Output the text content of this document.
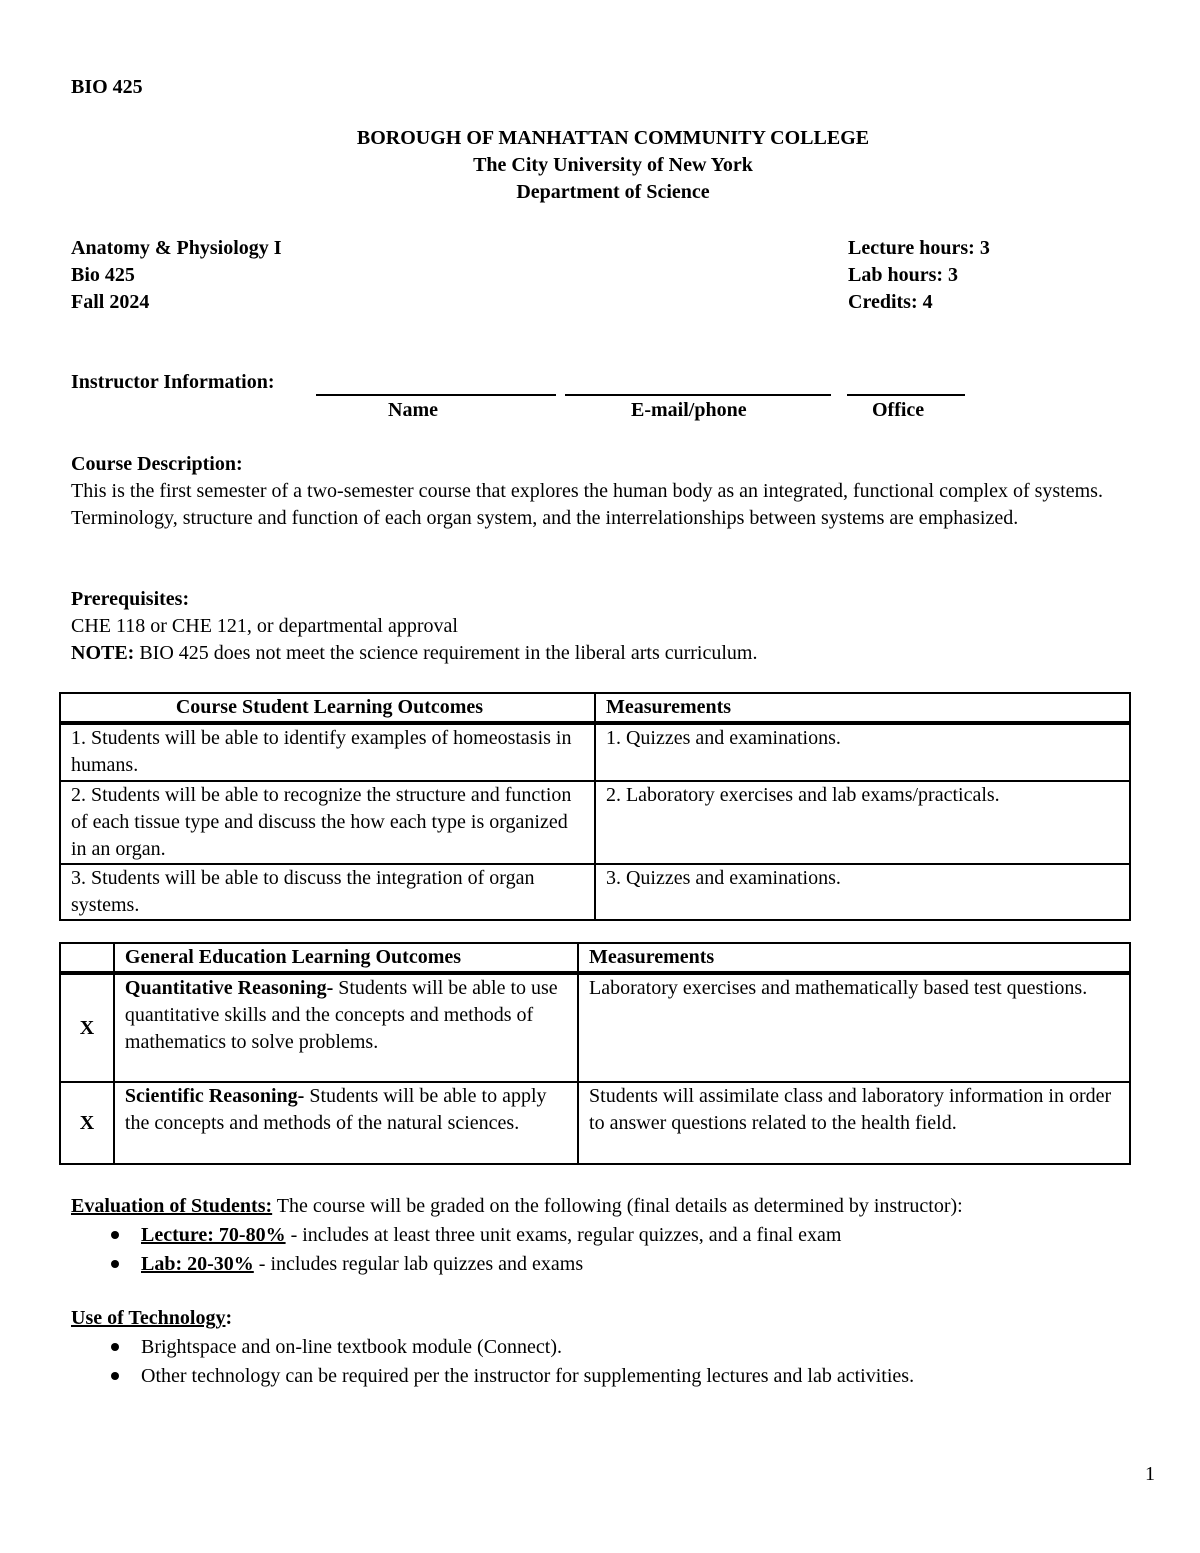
BIO 425
BOROUGH OF MANHATTAN COMMUNITY COLLEGE
The City University of New York
Department of Science
Anatomy & Physiology I
Bio 425
Fall 2024
Lecture hours: 3
Lab hours: 3
Credits: 4
Instructor Information:
Name	E-mail/phone	Office
Course Description:
This is the first semester of a two-semester course that explores the human body as an integrated, functional complex of systems. Terminology, structure and function of each organ system, and the interrelationships between systems are emphasized.
Prerequisites:
CHE 118 or CHE 121, or departmental approval
NOTE: BIO 425 does not meet the science requirement in the liberal arts curriculum.
Course Student Learning Outcomes	Measurements
1. Students will be able to identify examples of homeostasis in humans.	1. Quizzes and examinations.
2. Students will be able to recognize the structure and function of each tissue type and discuss the how each type is organized in an organ.	2. Laboratory exercises and lab exams/practicals.
3. Students will be able to discuss the integration of organ systems.	3. Quizzes and examinations.
	General Education Learning Outcomes	Measurements
X	Quantitative Reasoning- Students will be able to use quantitative skills and the concepts and methods of mathematics to solve problems.	Laboratory exercises and mathematically based test questions.
X	Scientific Reasoning- Students will be able to apply the concepts and methods of the natural sciences.	Students will assimilate class and laboratory information in order to answer questions related to the health field.
Evaluation of Students: The course will be graded on the following (final details as determined by instructor):
Lecture: 70-80% - includes at least three unit exams, regular quizzes, and a final exam
Lab: 20-30% - includes regular lab quizzes and exams
Use of Technology:
Brightspace and on-line textbook module (Connect).
Other technology can be required per the instructor for supplementing lectures and lab activities.
1
